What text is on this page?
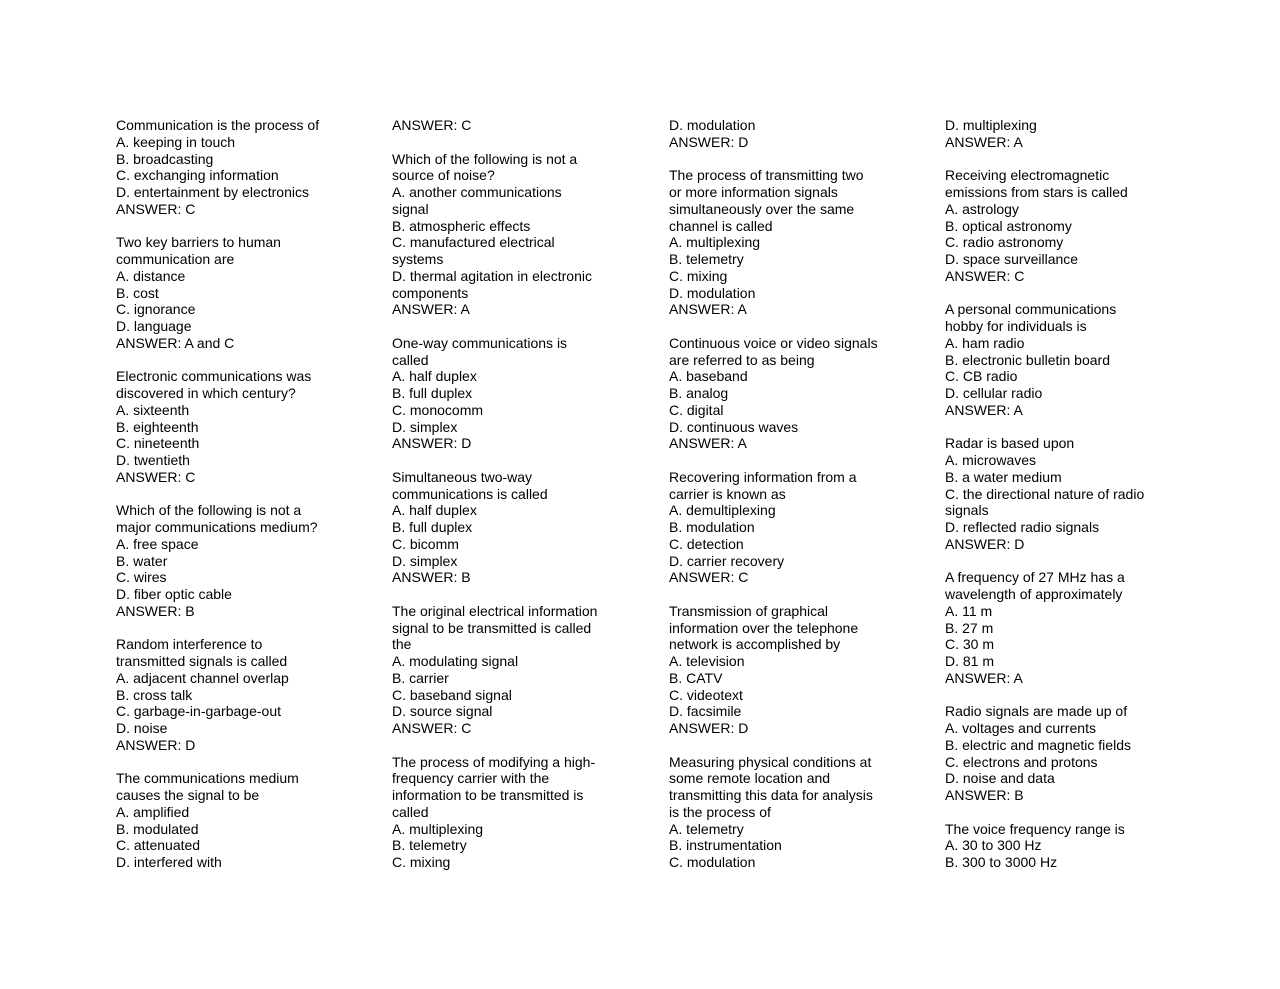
Communication is the process of
A. keeping in touch
B. broadcasting
C. exchanging information
D. entertainment by electronics
ANSWER: C
Two key barriers to human
communication are
A. distance
B. cost
C. ignorance
D. language
ANSWER: A and C
Electronic communications was
discovered in which century?
A. sixteenth
B. eighteenth
C. nineteenth
D. twentieth
ANSWER: C
Which of the following is not a
major communications medium?
A. free space
B. water
C. wires
D. fiber optic cable
ANSWER: B
Random interference to
transmitted signals is called
A. adjacent channel overlap
B. cross talk
C. garbage-in-garbage-out
D. noise
ANSWER: D
The communications medium
causes the signal to be
A. amplified
B. modulated
C. attenuated
D. interfered with
ANSWER: C
Which of the following is not a
source of noise?
A. another communications
signal
B. atmospheric effects
C. manufactured electrical
systems
D. thermal agitation in electronic
components
ANSWER: A
One-way communications is
called
A. half duplex
B. full duplex
C. monocomm
D. simplex
ANSWER: D
Simultaneous two-way
communications is called
A. half duplex
B. full duplex
C. bicomm
D. simplex
ANSWER: B
The original electrical information
signal to be transmitted is called
the
A. modulating signal
B. carrier
C. baseband signal
D. source signal
ANSWER: C
The process of modifying a high-
frequency carrier with the
information to be transmitted is
called
A. multiplexing
B. telemetry
C. mixing
D. modulation
ANSWER: D
The process of transmitting two
or more information signals
simultaneously over the same
channel is called
A. multiplexing
B. telemetry
C. mixing
D. modulation
ANSWER: A
Continuous voice or video signals
are referred to as being
A. baseband
B. analog
C. digital
D. continuous waves
ANSWER: A
Recovering information from a
carrier is known as
A. demultiplexing
B. modulation
C. detection
D. carrier recovery
ANSWER: C
Transmission of graphical
information over the telephone
network is accomplished by
A. television
B. CATV
C. videotext
D. facsimile
ANSWER: D
Measuring physical conditions at
some remote location and
transmitting this data for analysis
is the process of
A. telemetry
B. instrumentation
C. modulation
D. multiplexing
ANSWER: A
Receiving electromagnetic
emissions from stars is called
A. astrology
B. optical astronomy
C. radio astronomy
D. space surveillance
ANSWER: C
A personal communications
hobby for individuals is
A. ham radio
B. electronic bulletin board
C. CB radio
D. cellular radio
ANSWER: A
Radar is based upon
A. microwaves
B. a water medium
C. the directional nature of radio
signals
D. reflected radio signals
ANSWER: D
A frequency of 27 MHz has a
wavelength of approximately
A. 11 m
B. 27 m
C. 30 m
D. 81 m
ANSWER: A
Radio signals are made up of
A. voltages and currents
B. electric and magnetic fields
C. electrons and protons
D. noise and data
ANSWER: B
The voice frequency range is
A. 30 to 300 Hz
B. 300 to 3000 Hz
